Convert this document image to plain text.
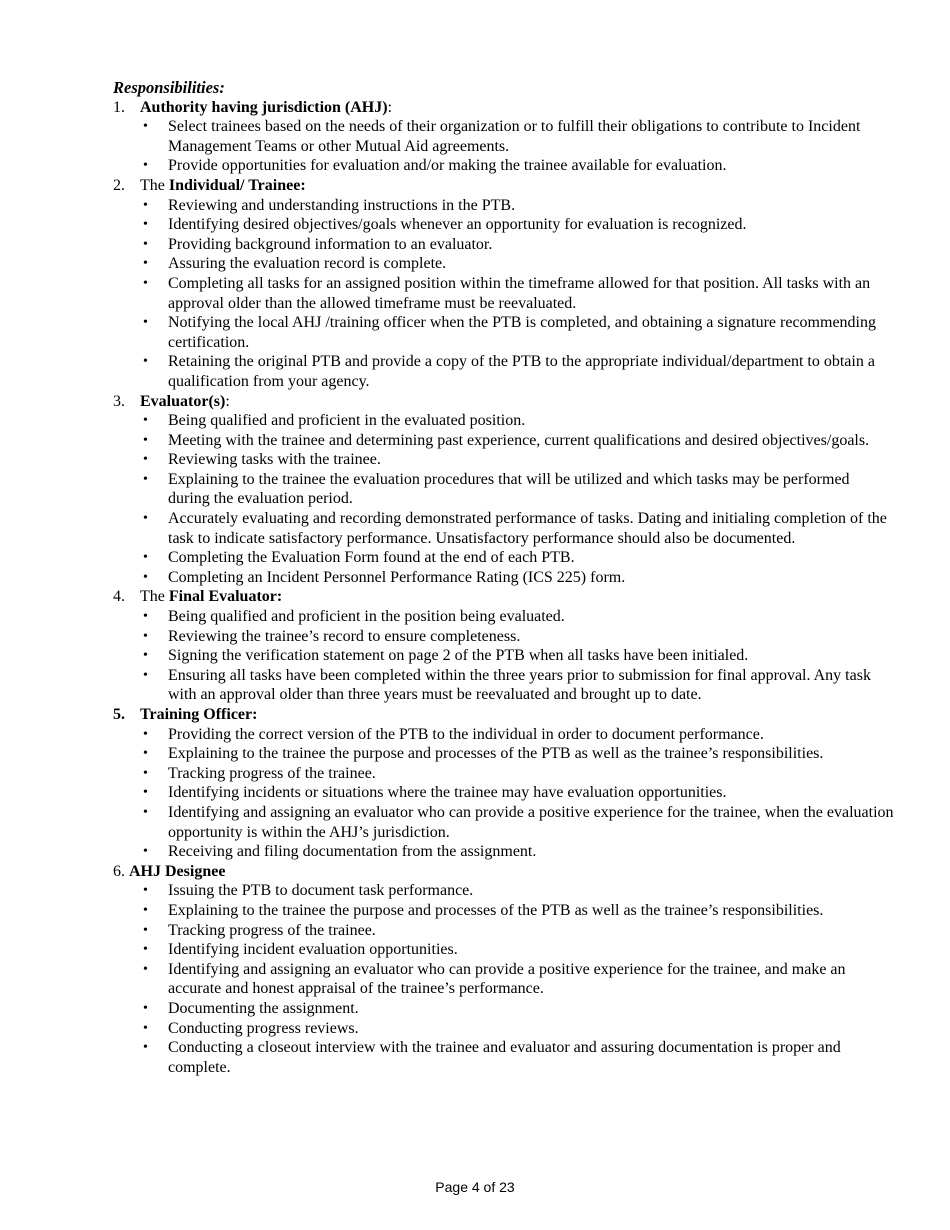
Responsibilities:
1. Authority having jurisdiction (AHJ):
• Select trainees based on the needs of their organization or to fulfill their obligations to contribute to Incident Management Teams or other Mutual Aid agreements.
• Provide opportunities for evaluation and/or making the trainee available for evaluation.
2. The Individual/ Trainee:
• Reviewing and understanding instructions in the PTB.
• Identifying desired objectives/goals whenever an opportunity for evaluation is recognized.
• Providing background information to an evaluator.
• Assuring the evaluation record is complete.
• Completing all tasks for an assigned position within the timeframe allowed for that position. All tasks with an approval older than the allowed timeframe must be reevaluated.
• Notifying the local AHJ /training officer when the PTB is completed, and obtaining a signature recommending certification.
• Retaining the original PTB and provide a copy of the PTB to the appropriate individual/department to obtain a qualification from your agency.
3. Evaluator(s):
• Being qualified and proficient in the evaluated position.
• Meeting with the trainee and determining past experience, current qualifications and desired objectives/goals.
• Reviewing tasks with the trainee.
• Explaining to the trainee the evaluation procedures that will be utilized and which tasks may be performed during the evaluation period.
• Accurately evaluating and recording demonstrated performance of tasks. Dating and initialing completion of the task to indicate satisfactory performance. Unsatisfactory performance should also be documented.
• Completing the Evaluation Form found at the end of each PTB.
• Completing an Incident Personnel Performance Rating (ICS 225) form.
4. The Final Evaluator:
• Being qualified and proficient in the position being evaluated.
• Reviewing the trainee’s record to ensure completeness.
• Signing the verification statement on page 2 of the PTB when all tasks have been initialed.
• Ensuring all tasks have been completed within the three years prior to submission for final approval. Any task with an approval older than three years must be reevaluated and brought up to date.
5. Training Officer:
• Providing the correct version of the PTB to the individual in order to document performance.
• Explaining to the trainee the purpose and processes of the PTB as well as the trainee’s responsibilities.
• Tracking progress of the trainee.
• Identifying incidents or situations where the trainee may have evaluation opportunities.
• Identifying and assigning an evaluator who can provide a positive experience for the trainee, when the evaluation opportunity is within the AHJ’s jurisdiction.
• Receiving and filing documentation from the assignment.
6. AHJ Designee
• Issuing the PTB to document task performance.
• Explaining to the trainee the purpose and processes of the PTB as well as the trainee’s responsibilities.
• Tracking progress of the trainee.
• Identifying incident evaluation opportunities.
• Identifying and assigning an evaluator who can provide a positive experience for the trainee, and make an accurate and honest appraisal of the trainee’s performance.
• Documenting the assignment.
• Conducting progress reviews.
• Conducting a closeout interview with the trainee and evaluator and assuring documentation is proper and complete.
Page 4 of 23
